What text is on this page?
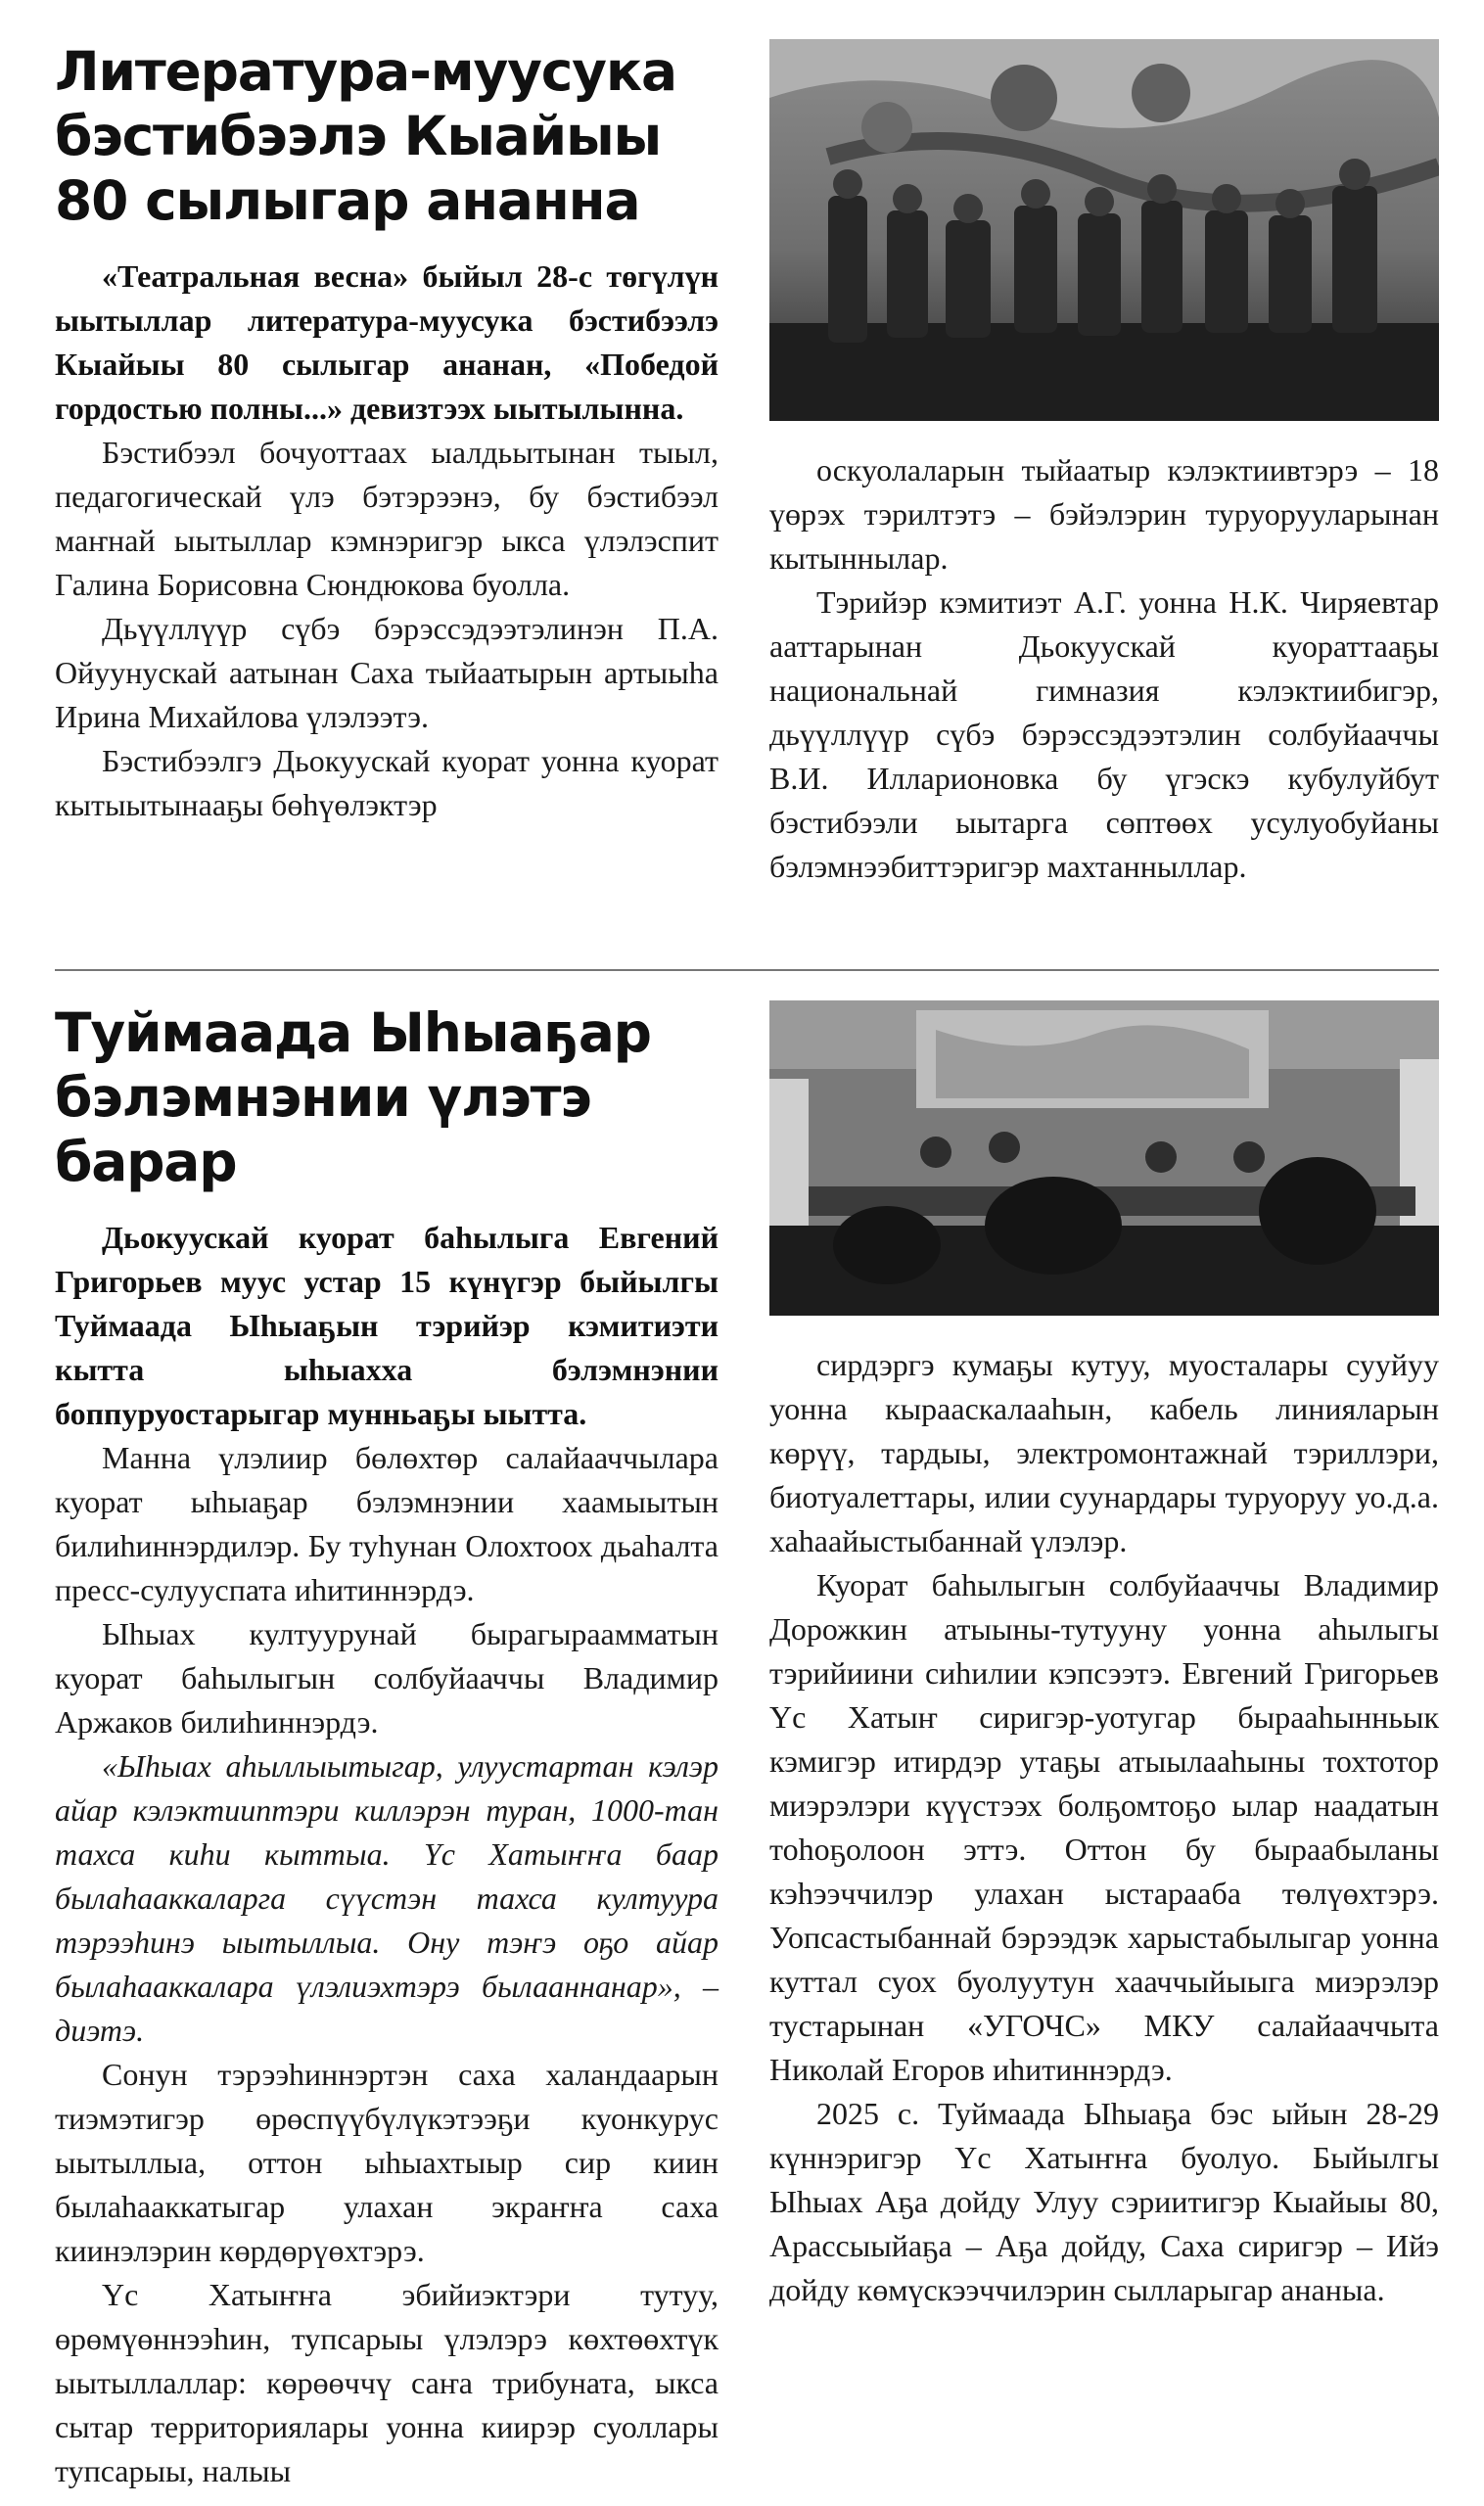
Литература-муусука
бэстибээлэ Кыайыы
80 сылыгар ананна

«Театральная весна» быйыл 28-с төгүлүн ыытыллар литература-муусука бэстибээлэ Кыайыы 80 сылыгар ананан, «Победой гордостью полны...» девизтээх ыытылынна.

Бэстибээл бочуоттаах ыалдьытынан тыыл, педагогическай үлэ бэтэрээнэ, бу бэстибээл маҥнай ыытыллар кэмнэригэр ыкса үлэлэспит Галина Борисовна Сюндюкова буолла.

Дьүүллүүр сүбэ бэрэссэдээтэлинэн П.А. Ойуунускай аатынан Саха тыйаатырын артыыһа Ирина Михайлова үлэлээтэ.

Бэстибээлгэ Дьокуускай куорат уонна куорат кытыытынааҕы бөһүөлэктэр

оскуолаларын тыйаатыр кэлэктиивтэрэ – 18 үөрэх тэрилтэтэ – бэйэлэрин туруорууларынан кытыннылар.

Тэрийэр кэмитиэт А.Г. уонна Н.К. Чиряевтар ааттарынан Дьокуускай куораттааҕы национальнай гимназия кэлэктиибигэр, дьүүллүүр сүбэ бэрэссэдээтэлин солбуйааччы В.И. Илларионовка бу үгэскэ кубулуйбут бэстибээли ыытарга сөптөөх усулуобуйаны бэлэмнээбиттэригэр махтанныллар.

Туймаада Ыһыаҕар
бэлэмнэнии үлэтэ барар

Дьокуускай куорат баһылыга Евгений Григорьев муус устар 15 күнүгэр быйылгы Туймаада Ыһыаҕын тэрийэр кэмитиэти кытта ыһыахха бэлэмнэнии боппуруостарыгар мунньаҕы ыытта.

Манна үлэлиир бөлөхтөр салайааччылара куорат ыһыаҕар бэлэмнэнии хаамыытын билиһиннэрдилэр. Бу туһунан Олохтоох дьаһалта пресс-сулууспата иһитиннэрдэ.

Ыһыах култуурунай бырагыраамматын куорат баһылыгын солбуйааччы Владимир Аржаков билиһиннэрдэ.

«Ыһыах аһыллыытыгар, улуустартан кэлэр айар кэлэктииптэри киллэрэн туран, 1000-тан тахса киһи кыттыа. Үс Хатыҥҥа баар былаһааккаларга сүүстэн тахса култуура тэрээһинэ ыытыллыа. Ону тэҥэ оҕо айар былаһааккалара үлэлиэхтэрэ былааннанар», – диэтэ.

Сонун тэрээһиннэртэн саха халандаарын тиэмэтигэр өрөспүүбүлүкэтээҕи куонкурус ыытыллыа, оттон ыһыахтыыр сир киин былаһааккатыгар улахан экраҥҥа саха киинэлэрин көрдөрүөхтэрэ.

Үс Хатыҥҥа эбийиэктэри тутуу, өрөмүөннээһин, тупсарыы үлэлэрэ көхтөөхтүк ыытыллаллар: көрөөччү саҥа трибуната, ыкса сытар территориялары уонна киирэр суоллары тупсарыы, налыы

сирдэргэ кумаҕы кутуу, муосталары сууйуу уонна кырааскалааһын, кабель линияларын көрүү, тардыы, электромонтажнай тэриллэри, биотуалеттары, илии суунардары туруоруу уо.д.а. хаһаайыстыбаннай үлэлэр.

Куорат баһылыгын солбуйааччы Владимир Дорожкин атыыны-тутууну уонна аһылыгы тэрийиини сиһилии кэпсээтэ. Евгений Григорьев Үс Хатыҥ сиригэр-уотугар бырааһынньык кэмигэр итирдэр утаҕы атыылааһыны тохтотор миэрэлэри күүстээх болҕомтоҕо ылар наадатын тоһоҕолоон эттэ. Оттон бу быраабыланы кэһээччилэр улахан ыстарааба төлүөхтэрэ. Уопсастыбаннай бэрээдэк харыстабылыгар уонна куттал суох буолуутун хааччыйыыга миэрэлэр тустарынан «УГОЧС» МКУ салайааччыта Николай Егоров иһитиннэрдэ.

2025 с. Туймаада Ыһыаҕа бэс ыйын 28-29 күннэригэр Үс Хатыҥҥа буолуо. Быйылгы Ыһыах Аҕа дойду Улуу сэриитигэр Кыайыы 80, Арассыыйаҕа – Аҕа дойду, Саха сиригэр – Ийэ дойду көмүскээччилэрин сылларыгар ананыа.
